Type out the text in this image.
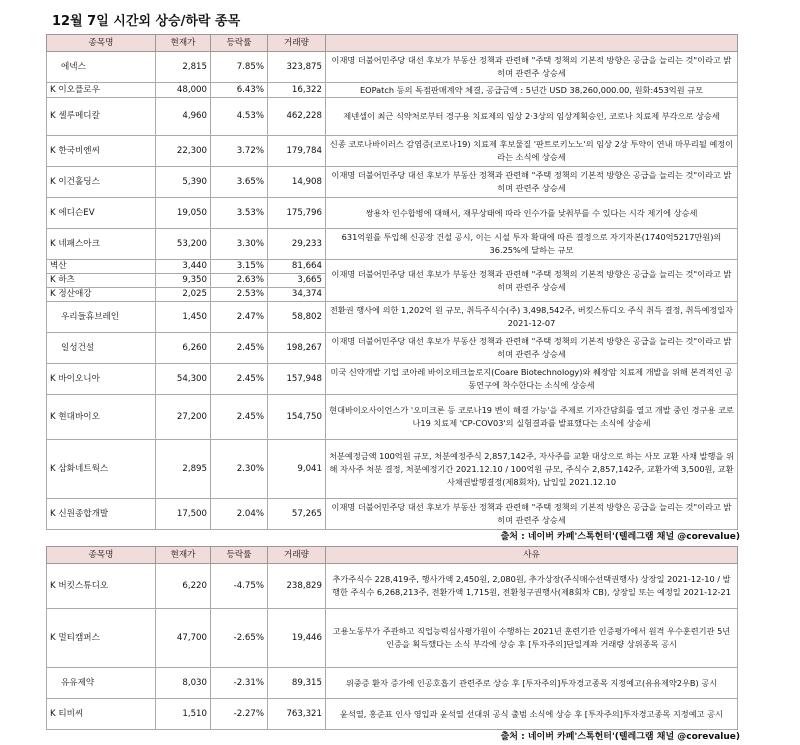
12월 7일 시간외 상승/하락 종목
종목명	현재가	등락률	거래량	
에넥스	2,815	7.85%	323,875	이재명 더불어민주당 대선 후보가 부동산 정책과 관련해 "주택 정책의 기본적 방향은 공급을 늘리는 것"이라고 밝히며 관련주 상승세
K 이오플로우	48,000	6.43%	16,322	EOPatch 등의 독점판매계약 체결, 공급금액 : 5년간 USD 38,260,000.00, 원화:453억원 규모
K 셀루메디칼	4,960	4.53%	462,228	제넨셀이 최근 식약처로부터 경구용 치료제의 임상 2·3상의 임상계획승인, 코로나 치료제 부각으로 상승세
K 한국비엔씨	22,300	3.72%	179,784	신종 코로나바이러스 감염증(코로나19) 치료제 후보물질 '판트로키노노'의 임상 2상 투약이 연내 마무리될 예정이라는 소식에 상승세
K 이건홀딩스	5,390	3.65%	14,908	이재명 더불어민주당 대선 후보가 부동산 정책과 관련해 "주택 정책의 기본적 방향은 공급을 늘리는 것"이라고 밝히며 관련주 상승세
K 에디슨EV	19,050	3.53%	175,796	쌍용차 인수합병에 대해서, 재무상태에 따라 인수가를 낮춰부를 수 있다는 시각 제기에 상승세
K 네패스아크	53,200	3.30%	29,233	631억원를 투입해 신공장 건설 공시, 이는 시설 투자 확대에 따른 결정으로 자기자본(1740억5217만원)의 36.25%에 달하는 규모
벽산	3,440	3.15%	81,664	이재명 더불어민주당 대선 후보가 부동산 정책과 관련해 "주택 정책의 기본적 방향은 공급을 늘리는 것"이라고 밝히며 관련주 상승세
K 하츠	9,350	2.63%	3,665	
K 정산애강	2,025	2.53%	34,374	
우리들휴브레인	1,450	2.47%	58,802	전환권 행사에 의한 1,202억 원 규모, 취득주식수(주) 3,498,542주, 버킷스튜디오 주식 취득 결정, 취득예정일자 2021-12-07
일성건설	6,260	2.45%	198,267	이재명 더불어민주당 대선 후보가 부동산 정책과 관련해 "주택 정책의 기본적 방향은 공급을 늘리는 것"이라고 밝히며 관련주 상승세
K 바이오니아	54,300	2.45%	157,948	미국 신약개발 기업 코아레 바이오테크놀로지(Coare Biotechnology)와 췌장암 치료제 개발을 위해 본격적인 공동연구에 착수한다는 소식에 상승세
K 현대바이오	27,200	2.45%	154,750	현대바이오사이언스가 '오미크론 등 코로나19 변이 해결 가능'을 주제로 기자간담회를 열고 개발 중인 경구용 코로나19 치료제 'CP-COV03'의 실험결과를 발표했다는 소식에 상승세
K 삼화네트웍스	2,895	2.30%	9,041	처분예정금액 100억원 규모, 처분예정주식 2,857,142주, 자사주를 교환 대상으로 하는 사모 교환 사채 발행을 위해 자사주 처분 결정, 처분예정기간 2021.12.10 / 100억원 규모, 주식수 2,857,142주, 교환가액 3,500원, 교환사채권발행결정(제8회차), 납입일 2021.12.10
K 신원종합개발	17,500	2.04%	57,265	이재명 더불어민주당 대선 후보가 부동산 정책과 관련해 "주택 정책의 기본적 방향은 공급을 늘리는 것"이라고 밝히며 관련주 상승세
출처 : 네이버 카페'스톡헌터'(텔레그램 채널 @corevalue)
종목명	현재가	등락률	거래량	사유
K 버킷스튜디오	6,220	-4.75%	238,829	추가주식수 228,419주, 행사가액 2,450원, 2,080원, 추가상장(주식매수선택권행사) 상장일 2021-12-10 / 발행한 주식수 6,268,213주, 전환가액 1,715원, 전환청구권행사(제8회차 CB), 상장일 또는 예정일 2021-12-21
K 멀티캠퍼스	47,700	-2.65%	19,446	고용노동부가 주관하고 직업능력심사평가원이 수행하는 2021년 훈련기관 인증평가에서 원격 우수훈련기관 5년 인증을 획득했다는 소식 부각에 상승 후 [투자주의]단일계좌 거래량 상위종목 공시
유유제약	8,030	-2.31%	89,315	위중증 환자 증가에 인공호흡기 관련주로 상승 후 [투자주의]투자경고종목 지정예고(유유제약2우B) 공시
K 티비씨	1,510	-2.27%	763,321	윤석열, 홍준표 인사 영입과 윤석열 선대위 공식 출범 소식에 상승 후 [투자주의]투자경고종목 지정예고 공시
출처 : 네이버 카페'스톡헌터'(텔레그램 채널 @corevalue)
